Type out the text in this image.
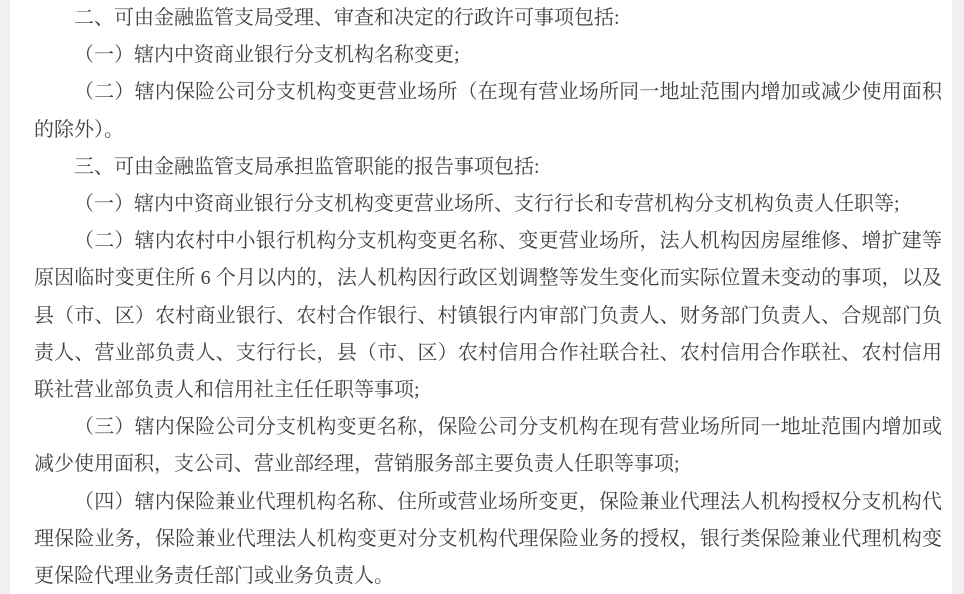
二、可由金融监管支局受理、审查和决定的行政许可事项包括:

（一）辖内中资商业银行分支机构名称变更;

（二）辖内保险公司分支机构变更营业场所（在现有营业场所同一地址范围内增加或减少使用面积的除外）。

三、可由金融监管支局承担监管职能的报告事项包括:

（一）辖内中资商业银行分支机构变更营业场所、支行行长和专营机构分支机构负责人任职等;

（二）辖内农村中小银行机构分支机构变更名称、变更营业场所，法人机构因房屋维修、增扩建等原因临时变更住所 6 个月以内的，法人机构因行政区划调整等发生变化而实际位置未变动的事项，以及县（市、区）农村商业银行、农村合作银行、村镇银行内审部门负责人、财务部门负责人、合规部门负责人、营业部负责人、支行行长，县（市、区）农村信用合作社联合社、农村信用合作联社、农村信用联社营业部负责人和信用社主任任职等事项;

（三）辖内保险公司分支机构变更名称，保险公司分支机构在现有营业场所同一地址范围内增加或减少使用面积，支公司、营业部经理，营销服务部主要负责人任职等事项;

（四）辖内保险兼业代理机构名称、住所或营业场所变更，保险兼业代理法人机构授权分支机构代理保险业务，保险兼业代理法人机构变更对分支机构代理保险业务的授权，银行类保险兼业代理机构变更保险代理业务责任部门或业务负责人。
